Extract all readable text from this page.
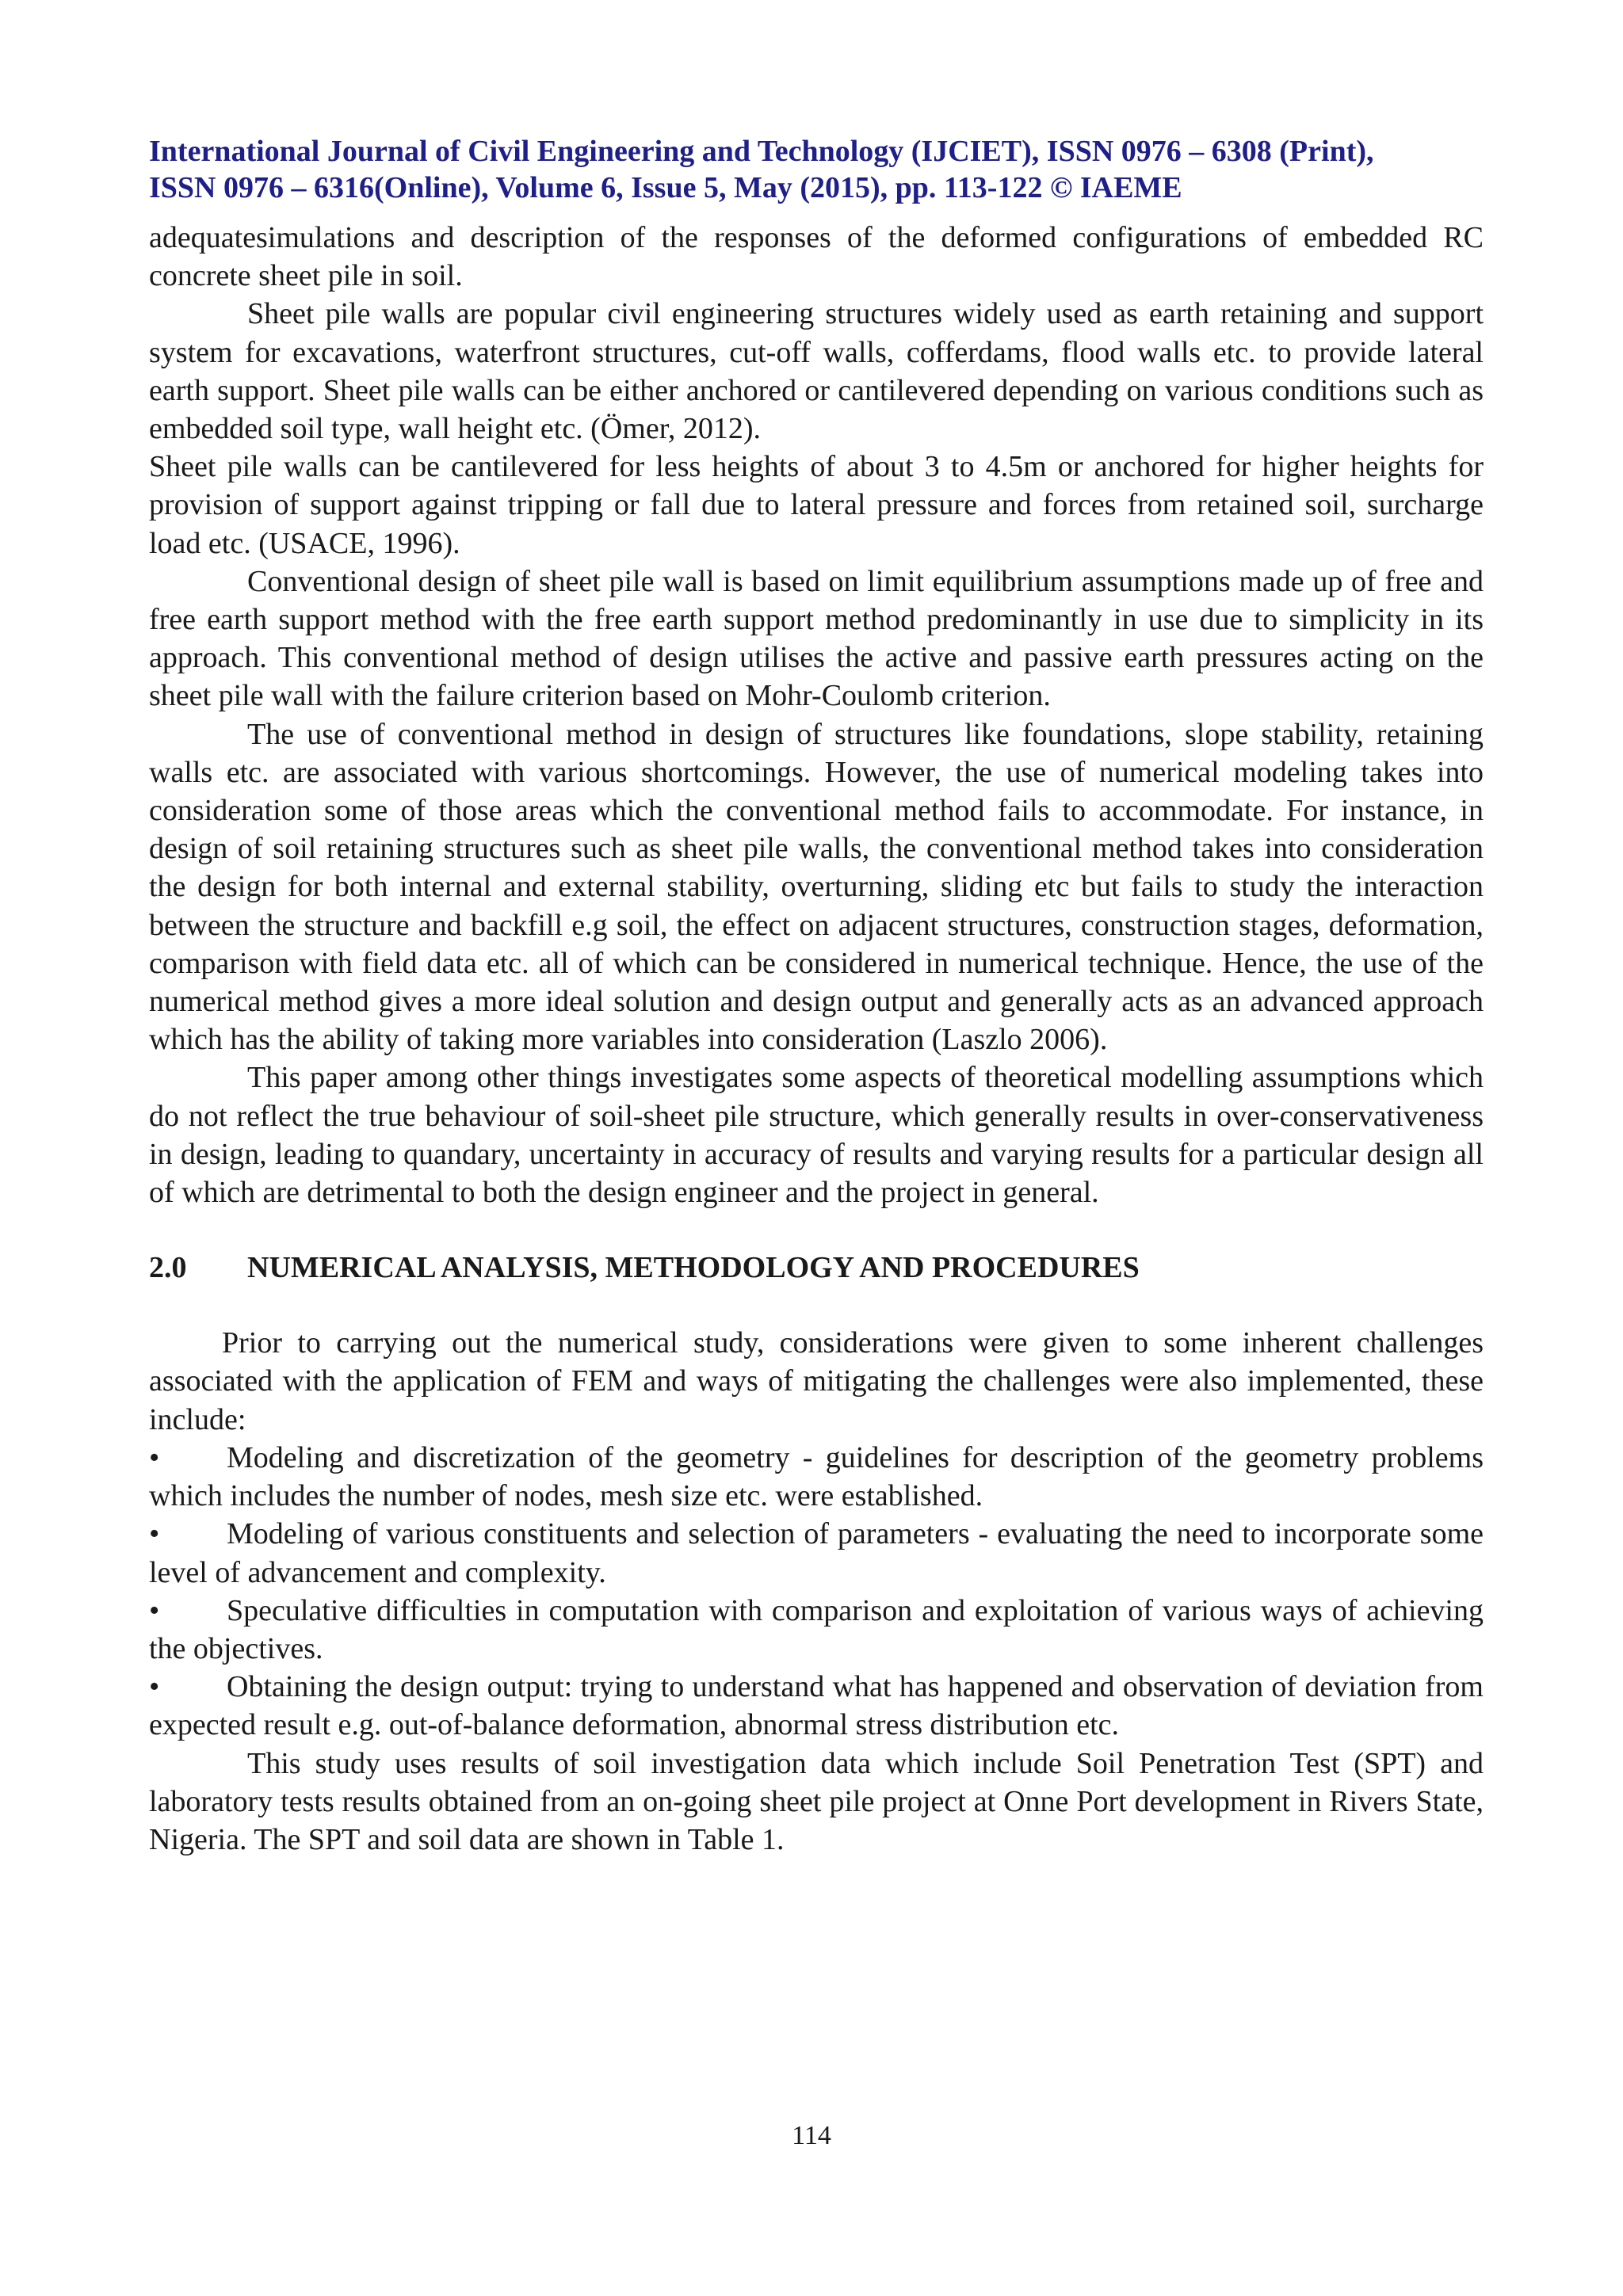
International Journal of Civil Engineering and Technology (IJCIET), ISSN 0976 – 6308 (Print),
ISSN 0976 – 6316(Online), Volume 6, Issue 5, May (2015), pp. 113-122 © IAEME

adequatesimulations and description of the responses of the deformed configurations of embedded RC concrete sheet pile in soil.

Sheet pile walls are popular civil engineering structures widely used as earth retaining and support system for excavations, waterfront structures, cut-off walls, cofferdams, flood walls etc. to provide lateral earth support. Sheet pile walls can be either anchored or cantilevered depending on various conditions such as embedded soil type, wall height etc. (Ömer, 2012).

Sheet pile walls can be cantilevered for less heights of about 3 to 4.5m or anchored for higher heights for provision of support against tripping or fall due to lateral pressure and forces from retained soil, surcharge load etc. (USACE, 1996).

Conventional design of sheet pile wall is based on limit equilibrium assumptions made up of free and free earth support method with the free earth support method predominantly in use due to simplicity in its approach. This conventional method of design utilises the active and passive earth pressures acting on the sheet pile wall with the failure criterion based on Mohr-Coulomb criterion.

The use of conventional method in design of structures like foundations, slope stability, retaining walls etc. are associated with various shortcomings. However, the use of numerical modeling takes into consideration some of those areas which the conventional method fails to accommodate. For instance, in design of soil retaining structures such as sheet pile walls, the conventional method takes into consideration the design for both internal and external stability, overturning, sliding etc but fails to study the interaction between the structure and backfill e.g soil, the effect on adjacent structures, construction stages, deformation, comparison with field data etc. all of which can be considered in numerical technique. Hence, the use of the numerical method gives a more ideal solution and design output and generally acts as an advanced approach which has the ability of taking more variables into consideration (Laszlo 2006).

This paper among other things investigates some aspects of theoretical modelling assumptions which do not reflect the true behaviour of soil-sheet pile structure, which generally results in over-conservativeness in design, leading to quandary, uncertainty in accuracy of results and varying results for a particular design all of which are detrimental to both the design engineer and the project in general.

2.0 NUMERICAL ANALYSIS, METHODOLOGY AND PROCEDURES

Prior to carrying out the numerical study, considerations were given to some inherent challenges associated with the application of FEM and ways of mitigating the challenges were also implemented, these include:

• Modeling and discretization of the geometry - guidelines for description of the geometry problems which includes the number of nodes, mesh size etc. were established.
• Modeling of various constituents and selection of parameters - evaluating the need to incorporate some level of advancement and complexity.
• Speculative difficulties in computation with comparison and exploitation of various ways of achieving the objectives.
• Obtaining the design output: trying to understand what has happened and observation of deviation from expected result e.g. out-of-balance deformation, abnormal stress distribution etc.

This study uses results of soil investigation data which include Soil Penetration Test (SPT) and laboratory tests results obtained from an on-going sheet pile project at Onne Port development in Rivers State, Nigeria. The SPT and soil data are shown in Table 1.

114
